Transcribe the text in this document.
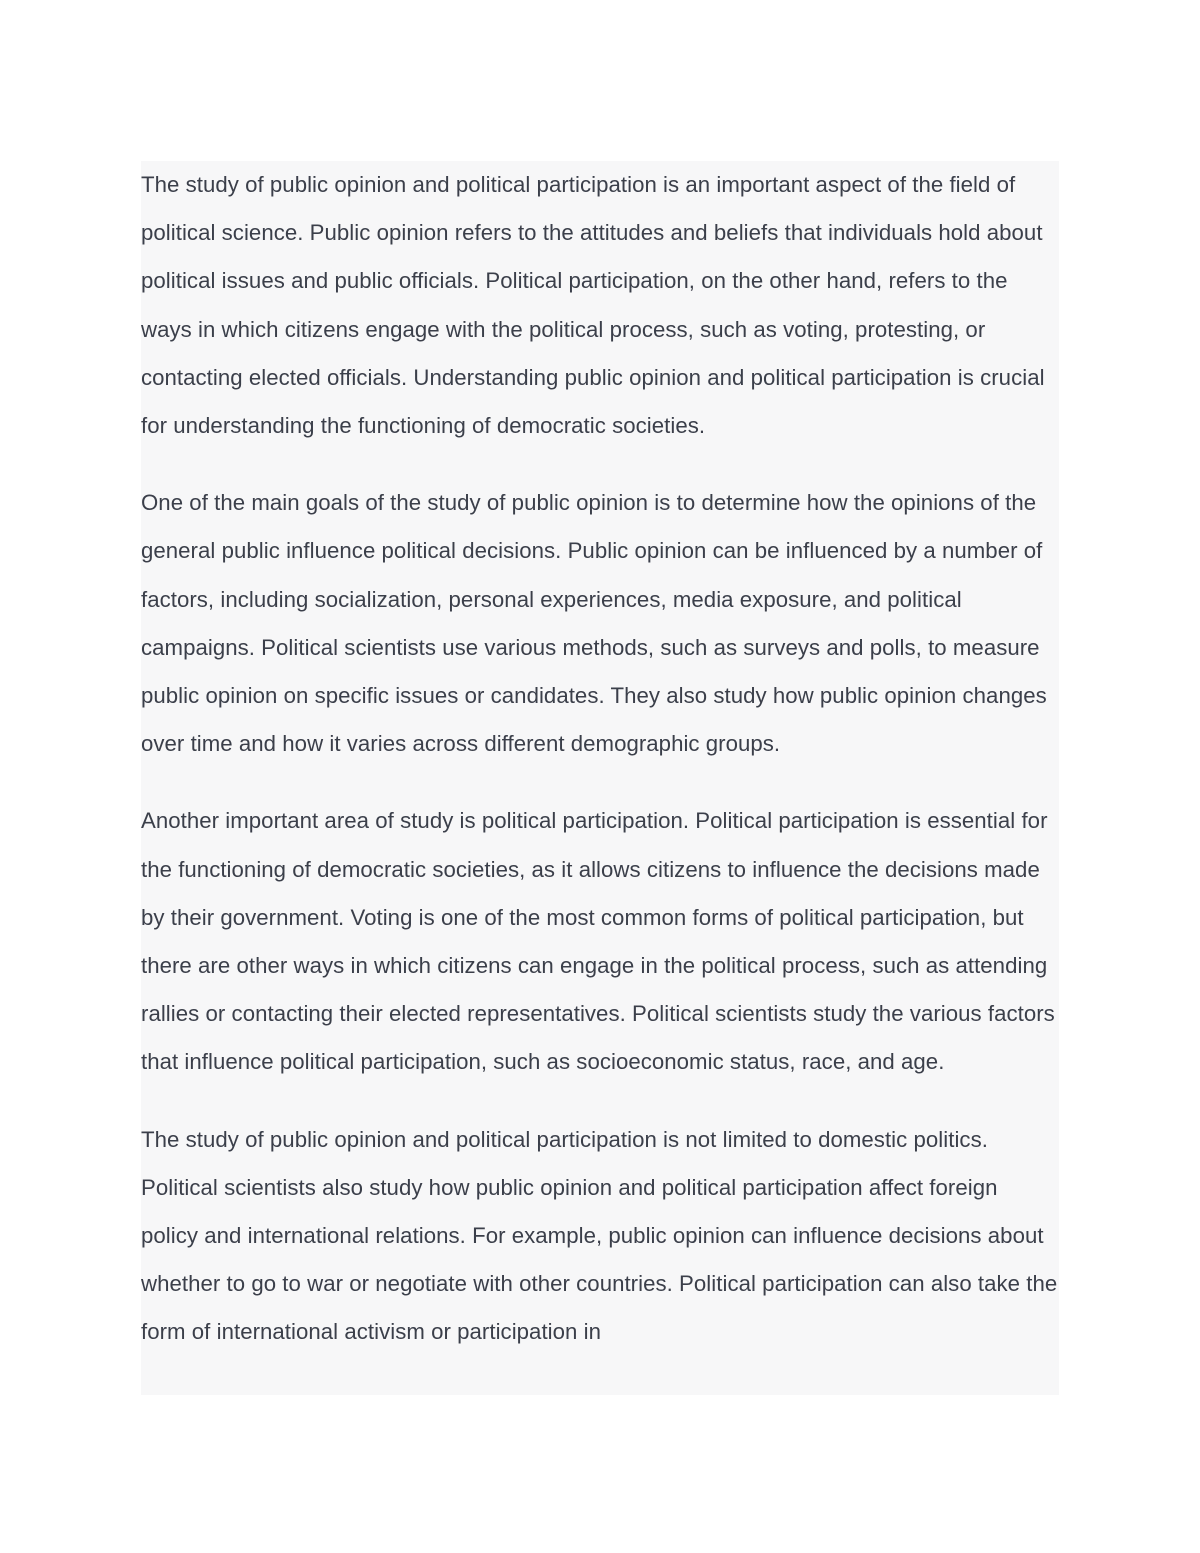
The study of public opinion and political participation is an important aspect of the field of political science. Public opinion refers to the attitudes and beliefs that individuals hold about political issues and public officials. Political participation, on the other hand, refers to the ways in which citizens engage with the political process, such as voting, protesting, or contacting elected officials. Understanding public opinion and political participation is crucial for understanding the functioning of democratic societies.

One of the main goals of the study of public opinion is to determine how the opinions of the general public influence political decisions. Public opinion can be influenced by a number of factors, including socialization, personal experiences, media exposure, and political campaigns. Political scientists use various methods, such as surveys and polls, to measure public opinion on specific issues or candidates. They also study how public opinion changes over time and how it varies across different demographic groups.

Another important area of study is political participation. Political participation is essential for the functioning of democratic societies, as it allows citizens to influence the decisions made by their government. Voting is one of the most common forms of political participation, but there are other ways in which citizens can engage in the political process, such as attending rallies or contacting their elected representatives. Political scientists study the various factors that influence political participation, such as socioeconomic status, race, and age.

The study of public opinion and political participation is not limited to domestic politics. Political scientists also study how public opinion and political participation affect foreign policy and international relations. For example, public opinion can influence decisions about whether to go to war or negotiate with other countries. Political participation can also take the form of international activism or participation in
